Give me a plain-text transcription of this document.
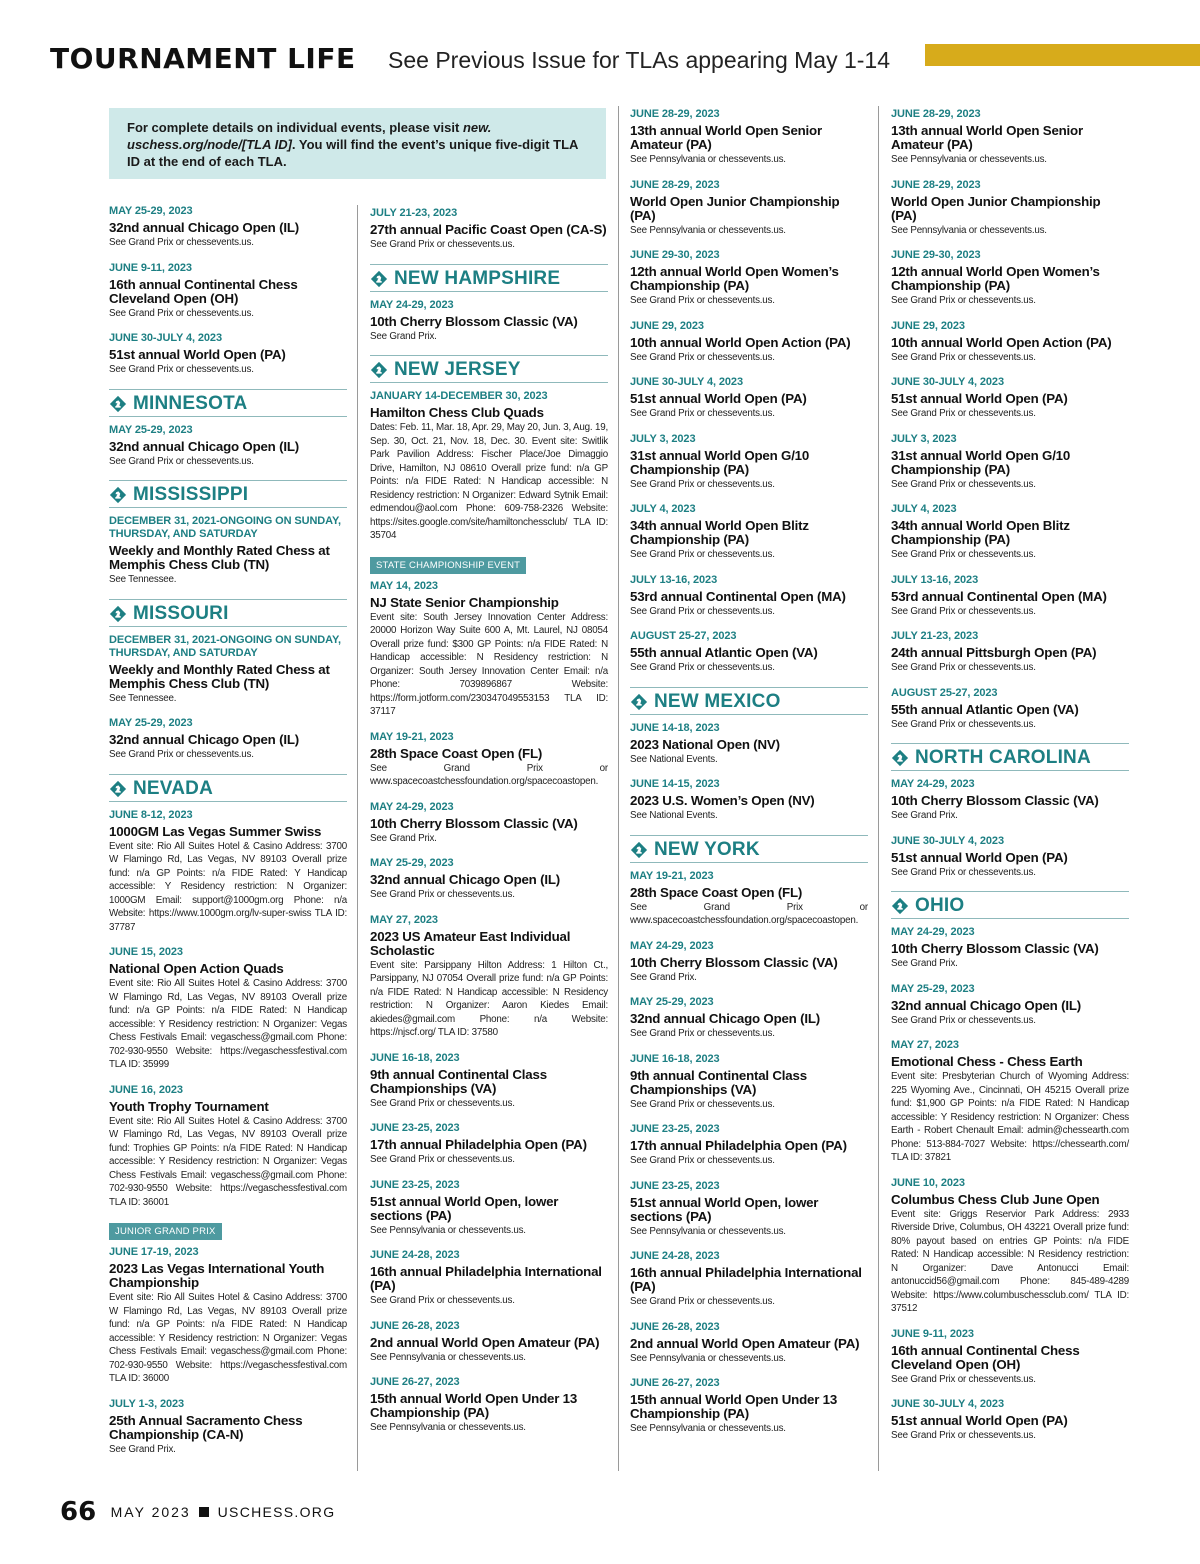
TOURNAMENT LIFE See Previous Issue for TLAs appearing May 1-14
For complete details on individual events, please visit new. uschess.org/node/[TLA ID]. You will find the event’s unique five-digit TLA ID at the end of each TLA.
MAY 25-29, 2023
32nd annual Chicago Open (IL)
See Grand Prix or chessevents.us.
JUNE 9-11, 2023
16th annual Continental Chess Cleveland Open (OH)
See Grand Prix or chessevents.us.
JUNE 30-JULY 4, 2023
51st annual World Open (PA)
See Grand Prix or chessevents.us.
MINNESOTA
MAY 25-29, 2023
32nd annual Chicago Open (IL)
See Grand Prix or chessevents.us.
MISSISSIPPI
DECEMBER 31, 2021-ONGOING ON SUNDAY, THURSDAY, AND SATURDAY
Weekly and Monthly Rated Chess at Memphis Chess Club (TN)
See Tennessee.
MISSOURI
DECEMBER 31, 2021-ONGOING ON SUNDAY, THURSDAY, AND SATURDAY
Weekly and Monthly Rated Chess at Memphis Chess Club (TN)
See Tennessee.
MAY 25-29, 2023
32nd annual Chicago Open (IL)
See Grand Prix or chessevents.us.
NEVADA
JUNE 8-12, 2023
1000GM Las Vegas Summer Swiss
Event site: Rio All Suites Hotel & Casino Address: 3700 W Flamingo Rd, Las Vegas, NV 89103 Overall prize fund: n/a GP Points: n/a FIDE Rated: Y Handicap accessible: Y Residency restriction: N Organizer: 1000GM Email: support@1000gm.org Phone: n/a Website: https://www.1000gm.org/lv-super-swiss TLA ID: 37787
JUNE 15, 2023
National Open Action Quads
Event site: Rio All Suites Hotel & Casino Address: 3700 W Flamingo Rd, Las Vegas, NV 89103 Overall prize fund: n/a GP Points: n/a FIDE Rated: N Handicap accessible: Y Residency restriction: N Organizer: Vegas Chess Festivals Email: vegaschess@gmail.com Phone: 702-930-9550 Website: https://vegaschessfestival.com TLA ID: 35999
JUNE 16, 2023
Youth Trophy Tournament
Event site: Rio All Suites Hotel & Casino Address: 3700 W Flamingo Rd, Las Vegas, NV 89103 Overall prize fund: Trophies GP Points: n/a FIDE Rated: N Handicap accessible: Y Residency restriction: N Organizer: Vegas Chess Festivals Email: vegaschess@gmail.com Phone: 702-930-9550 Website: https://vegaschessfestival.com TLA ID: 36001
JUNIOR GRAND PRIX
JUNE 17-19, 2023
2023 Las Vegas International Youth Championship
Event site: Rio All Suites Hotel & Casino Address: 3700 W Flamingo Rd, Las Vegas, NV 89103 Overall prize fund: n/a GP Points: n/a FIDE Rated: N Handicap accessible: Y Residency restriction: N Organizer: Vegas Chess Festivals Email: vegaschess@gmail.com Phone: 702-930-9550 Website: https://vegaschessfestival.com TLA ID: 36000
JULY 1-3, 2023
25th Annual Sacramento Chess Championship (CA-N)
See Grand Prix.
JULY 21-23, 2023
27th annual Pacific Coast Open (CA-S)
See Grand Prix or chessevents.us.
NEW HAMPSHIRE
MAY 24-29, 2023
10th Cherry Blossom Classic (VA)
See Grand Prix.
NEW JERSEY
JANUARY 14-DECEMBER 30, 2023
Hamilton Chess Club Quads
Dates: Feb. 11, Mar. 18, Apr. 29, May 20, Jun. 3, Aug. 19, Sep. 30, Oct. 21, Nov. 18, Dec. 30. Event site: Switlik Park Pavilion Address: Fischer Place/Joe Dimaggio Drive, Hamilton, NJ 08610 Overall prize fund: n/a GP Points: n/a FIDE Rated: N Handicap accessible: N Residency restriction: N Organizer: Edward Sytnik Email: edmendou@aol.com Phone: 609-758-2326 Website: https://sites.google.com/site/hamiltonchessclub/ TLA ID: 35704
STATE CHAMPIONSHIP EVENT
MAY 14, 2023
NJ State Senior Championship
Event site: South Jersey Innovation Center Address: 20000 Horizon Way Suite 600 A, Mt. Laurel, NJ 08054 Overall prize fund: $300 GP Points: n/a FIDE Rated: N Handicap accessible: N Residency restriction: N Organizer: South Jersey Innovation Center Email: n/a Phone: 7039896867 Website: https://form.jotform.com/230347049553153 TLA ID: 37117
MAY 19-21, 2023
28th Space Coast Open (FL)
See Grand Prix or www.spacecoastchessfoundation.org/spacecoastopen.
MAY 24-29, 2023
10th Cherry Blossom Classic (VA)
See Grand Prix.
MAY 25-29, 2023
32nd annual Chicago Open (IL)
See Grand Prix or chessevents.us.
MAY 27, 2023
2023 US Amateur East Individual Scholastic
Event site: Parsippany Hilton Address: 1 Hilton Ct., Parsippany, NJ 07054 Overall prize fund: n/a GP Points: n/a FIDE Rated: N Handicap accessible: N Residency restriction: N Organizer: Aaron Kiedes Email: akiedes@gmail.com Phone: n/a Website: https://njscf.org/ TLA ID: 37580
JUNE 16-18, 2023
9th annual Continental Class Championships (VA)
See Grand Prix or chessevents.us.
JUNE 23-25, 2023
17th annual Philadelphia Open (PA)
See Grand Prix or chessevents.us.
JUNE 23-25, 2023
51st annual World Open, lower sections (PA)
See Pennsylvania or chessevents.us.
JUNE 24-28, 2023
16th annual Philadelphia International (PA)
See Grand Prix or chessevents.us.
JUNE 26-28, 2023
2nd annual World Open Amateur (PA)
See Pennsylvania or chessevents.us.
JUNE 26-27, 2023
15th annual World Open Under 13 Championship (PA)
See Pennsylvania or chessevents.us.
JUNE 28-29, 2023
13th annual World Open Senior Amateur (PA)
See Pennsylvania or chessevents.us.
JUNE 28-29, 2023
World Open Junior Championship (PA)
See Pennsylvania or chessevents.us.
JUNE 29-30, 2023
12th annual World Open Women’s Championship (PA)
See Grand Prix or chessevents.us.
JUNE 29, 2023
10th annual World Open Action (PA)
See Grand Prix or chessevents.us.
JUNE 30-JULY 4, 2023
51st annual World Open (PA)
See Grand Prix or chessevents.us.
JULY 3, 2023
31st annual World Open G/10 Championship (PA)
See Grand Prix or chessevents.us.
JULY 4, 2023
34th annual World Open Blitz Championship (PA)
See Grand Prix or chessevents.us.
JULY 13-16, 2023
53rd annual Continental Open (MA)
See Grand Prix or chessevents.us.
AUGUST 25-27, 2023
55th annual Atlantic Open (VA)
See Grand Prix or chessevents.us.
NEW MEXICO
JUNE 14-18, 2023
2023 National Open (NV)
See National Events.
JUNE 14-15, 2023
2023 U.S. Women’s Open (NV)
See National Events.
NEW YORK
MAY 19-21, 2023
28th Space Coast Open (FL)
See Grand Prix or www.spacecoastchessfoundation.org/spacecoastopen.
MAY 24-29, 2023
10th Cherry Blossom Classic (VA)
See Grand Prix.
MAY 25-29, 2023
32nd annual Chicago Open (IL)
See Grand Prix or chessevents.us.
JUNE 16-18, 2023
9th annual Continental Class Championships (VA)
See Grand Prix or chessevents.us.
JUNE 23-25, 2023
17th annual Philadelphia Open (PA)
See Grand Prix or chessevents.us.
JUNE 23-25, 2023
51st annual World Open, lower sections (PA)
See Pennsylvania or chessevents.us.
JUNE 24-28, 2023
16th annual Philadelphia International (PA)
See Grand Prix or chessevents.us.
JUNE 26-28, 2023
2nd annual World Open Amateur (PA)
See Pennsylvania or chessevents.us.
JUNE 26-27, 2023
15th annual World Open Under 13 Championship (PA)
See Pennsylvania or chessevents.us.
JUNE 28-29, 2023
13th annual World Open Senior Amateur (PA)
See Pennsylvania or chessevents.us.
JUNE 28-29, 2023
World Open Junior Championship (PA)
See Pennsylvania or chessevents.us.
JUNE 29-30, 2023
12th annual World Open Women’s Championship (PA)
See Grand Prix or chessevents.us.
JUNE 29, 2023
10th annual World Open Action (PA)
See Grand Prix or chessevents.us.
JUNE 30-JULY 4, 2023
51st annual World Open (PA)
See Grand Prix or chessevents.us.
JULY 3, 2023
31st annual World Open G/10 Championship (PA)
See Grand Prix or chessevents.us.
JULY 4, 2023
34th annual World Open Blitz Championship (PA)
See Grand Prix or chessevents.us.
JULY 13-16, 2023
53rd annual Continental Open (MA)
See Grand Prix or chessevents.us.
JULY 21-23, 2023
24th annual Pittsburgh Open (PA)
See Grand Prix or chessevents.us.
AUGUST 25-27, 2023
55th annual Atlantic Open (VA)
See Grand Prix or chessevents.us.
NORTH CAROLINA
MAY 24-29, 2023
10th Cherry Blossom Classic (VA)
See Grand Prix.
JUNE 30-JULY 4, 2023
51st annual World Open (PA)
See Grand Prix or chessevents.us.
OHIO
MAY 24-29, 2023
10th Cherry Blossom Classic (VA)
See Grand Prix.
MAY 25-29, 2023
32nd annual Chicago Open (IL)
See Grand Prix or chessevents.us.
MAY 27, 2023
Emotional Chess - Chess Earth
Event site: Presbyterian Church of Wyoming Address: 225 Wyoming Ave., Cincinnati, OH 45215 Overall prize fund: $1,900 GP Points: n/a FIDE Rated: N Handicap accessible: Y Residency restriction: N Organizer: Chess Earth - Robert Chenault Email: admin@chessearth.com Phone: 513-884-7027 Website: https://chessearth.com/ TLA ID: 37821
JUNE 10, 2023
Columbus Chess Club June Open
Event site: Griggs Reservior Park Address: 2933 Riverside Drive, Columbus, OH 43221 Overall prize fund: 80% payout based on entries GP Points: n/a FIDE Rated: N Handicap accessible: N Residency restriction: N Organizer: Dave Antonucci Email: antonuccid56@gmail.com Phone: 845-489-4289 Website: https://www.columbuschessclub.com/ TLA ID: 37512
JUNE 9-11, 2023
16th annual Continental Chess Cleveland Open (OH)
See Grand Prix or chessevents.us.
JUNE 30-JULY 4, 2023
51st annual World Open (PA)
See Grand Prix or chessevents.us.
66 MAY 2023 USCHESS.ORG
